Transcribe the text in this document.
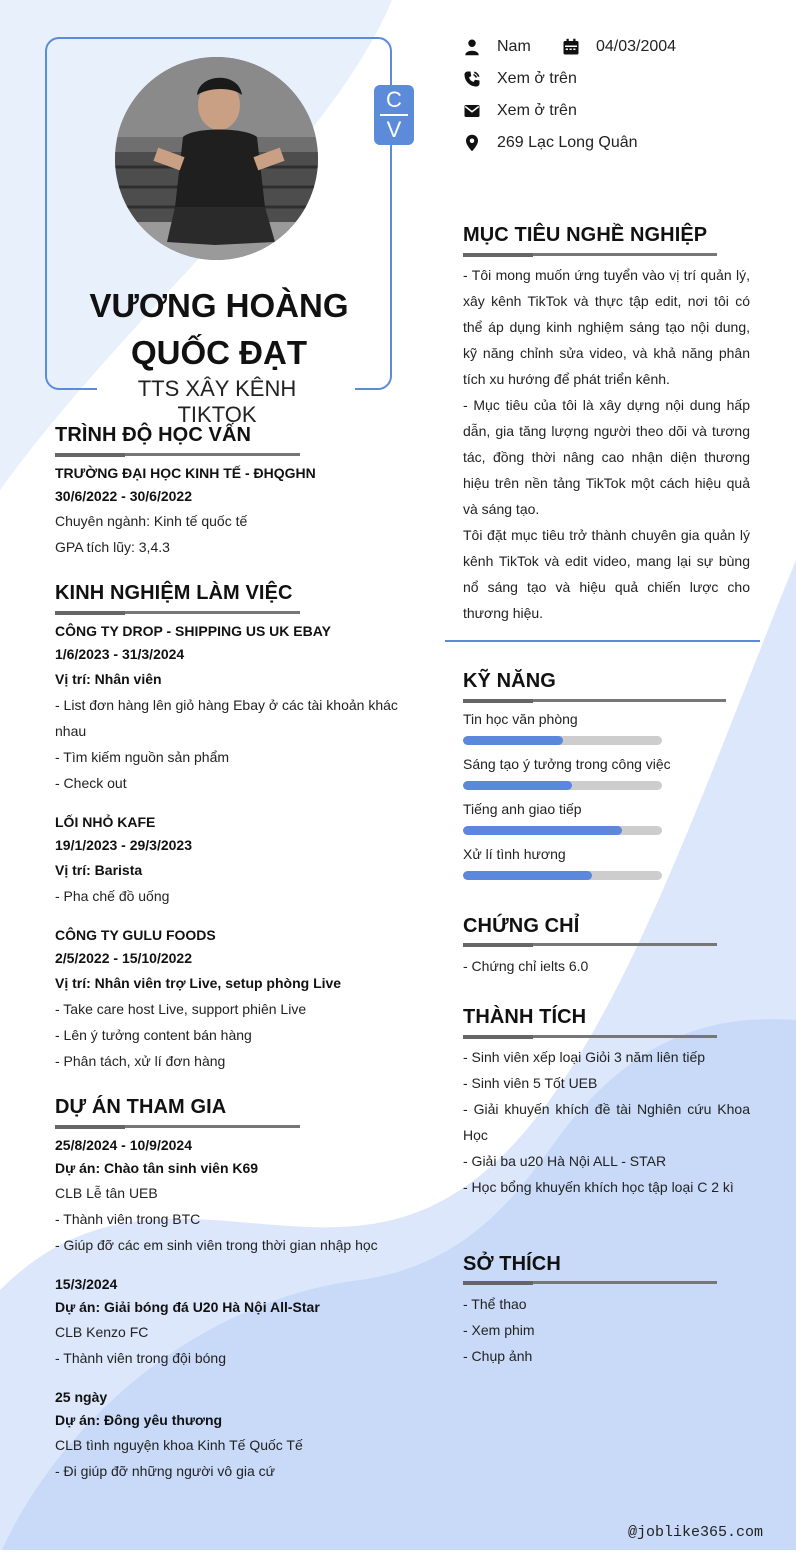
C
V
VƯƠNG HOÀNG
QUỐC ĐẠT
TTS XÂY KÊNH TIKTOK
Nam	04/03/2004
Xem ở trên
Xem ở trên
269 Lạc Long Quân
MỤC TIÊU NGHỀ NGHIỆP
- Tôi mong muốn ứng tuyển vào vị trí quản lý, xây kênh TikTok và thực tập edit, nơi tôi có thể áp dụng kinh nghiệm sáng tạo nội dung, kỹ năng chỉnh sửa video, và khả năng phân tích xu hướng để phát triển kênh.
- Mục tiêu của tôi là xây dựng nội dung hấp dẫn, gia tăng lượng người theo dõi và tương tác, đồng thời nâng cao nhận diện thương hiệu trên nền tảng TikTok một cách hiệu quả và sáng tạo.
Tôi đặt mục tiêu trở thành chuyên gia quản lý kênh TikTok và edit video, mang lại sự bùng nổ sáng tạo và hiệu quả chiến lược cho thương hiệu.
TRÌNH ĐỘ HỌC VẤN
TRƯỜNG ĐẠI HỌC KINH TẾ - ĐHQGHN
30/6/2022 - 30/6/2022
Chuyên ngành: Kinh tế quốc tế
GPA tích lũy: 3,4.3
KINH NGHIỆM LÀM VIỆC
CÔNG TY DROP - SHIPPING US UK EBAY
1/6/2023 - 31/3/2024
Vị trí: Nhân viên
- List đơn hàng lên giỏ hàng Ebay ở các tài khoản khác
nhau
- Tìm kiếm nguồn sản phẩm
- Check out
LỐI NHỎ KAFE
19/1/2023 - 29/3/2023
Vị trí: Barista
- Pha chế đồ uống
CÔNG TY GULU FOODS
2/5/2022 - 15/10/2022
Vị trí: Nhân viên trợ Live, setup phòng Live
- Take care host Live, support phiên Live
- Lên ý tưởng content bán hàng
- Phân tách, xử lí đơn hàng
DỰ ÁN THAM GIA
25/8/2024 - 10/9/2024
Dự án: Chào tân sinh viên K69
CLB Lễ tân UEB
- Thành viên trong BTC
- Giúp đỡ các em sinh viên trong thời gian nhập học
15/3/2024
Dự án: Giải bóng đá U20 Hà Nội All-Star
CLB Kenzo FC
- Thành viên trong đội bóng
25 ngày
Dự án: Đông yêu thương
CLB tình nguyện khoa Kinh Tế Quốc Tế
- Đi giúp đỡ những người vô gia cứ
KỸ NĂNG
Tin học văn phòng
Sáng tạo ý tưởng trong công việc
Tiếng anh giao tiếp
Xử lí tình hương
CHỨNG CHỈ
- Chứng chỉ ielts 6.0
THÀNH TÍCH
- Sinh viên xếp loại Giỏi 3 năm liên tiếp
- Sinh viên 5 Tốt UEB
- Giải khuyến khích đề tài Nghiên cứu Khoa Học
- Giải ba u20 Hà Nội ALL - STAR
- Học bổng khuyến khích học tập loại C 2 kì
SỞ THÍCH
- Thể thao
- Xem phim
- Chụp ảnh
@joblike365.com
